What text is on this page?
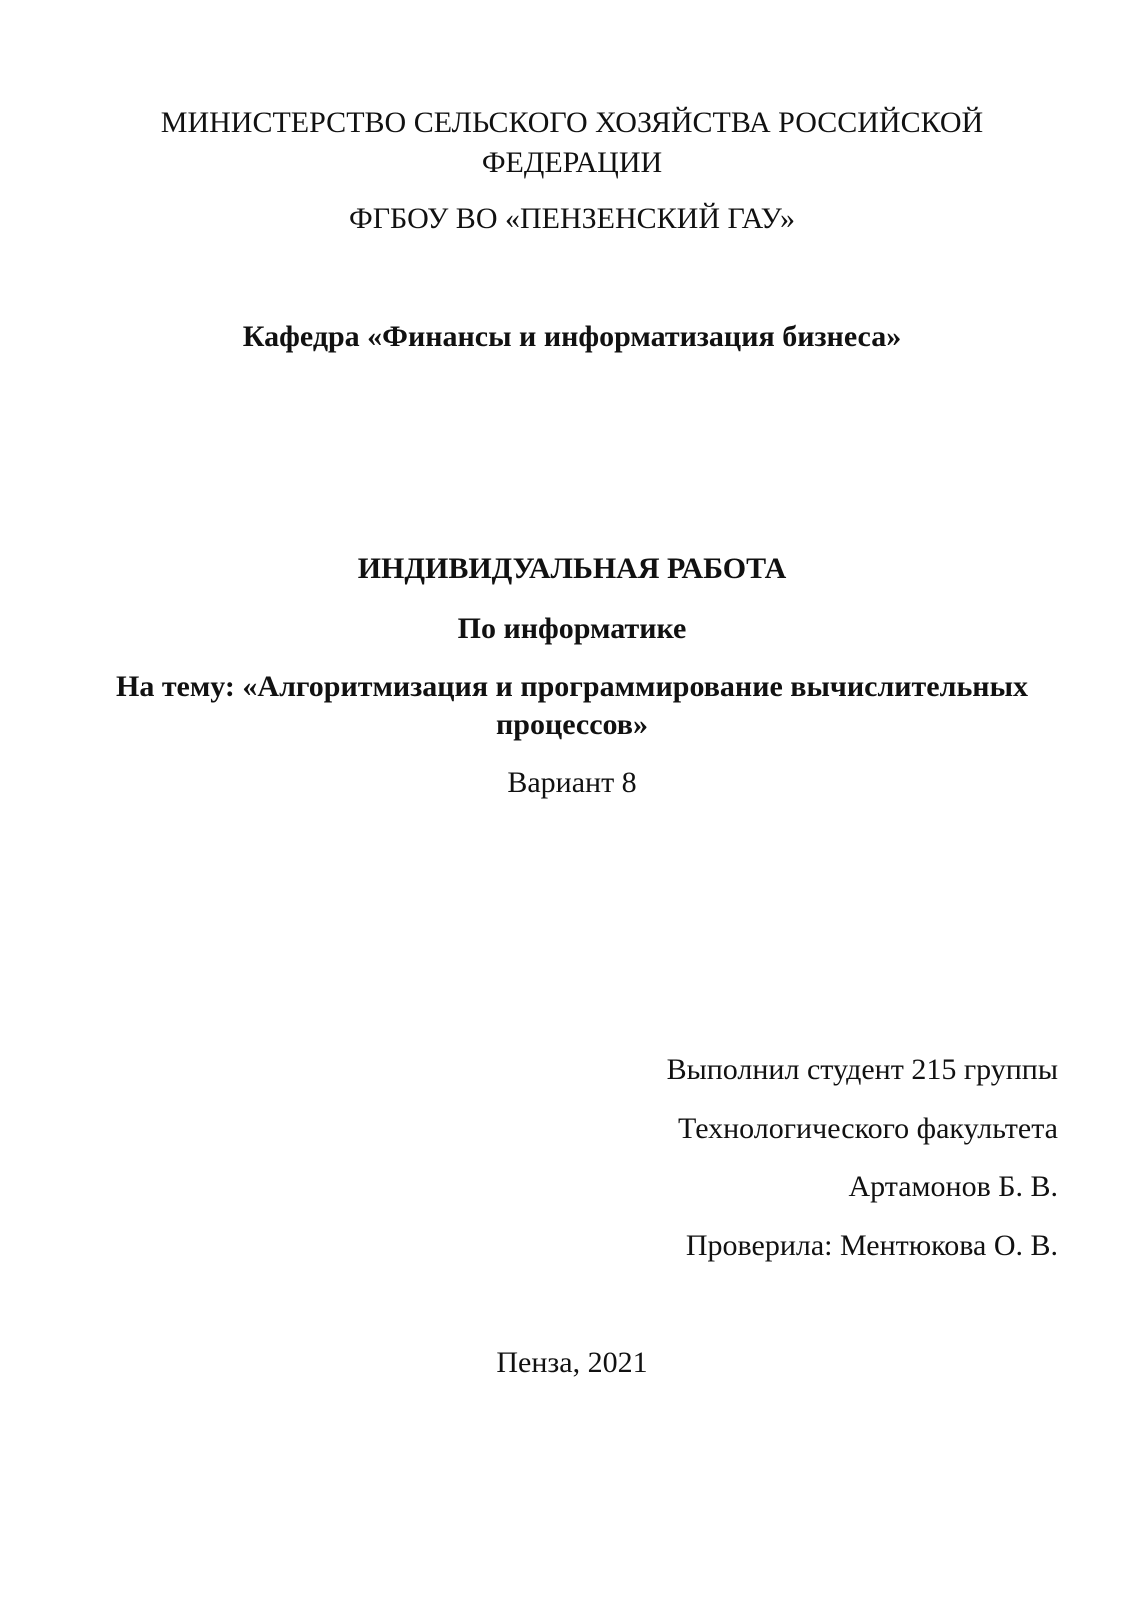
МИНИСТЕРСТВО СЕЛЬСКОГО ХОЗЯЙСТВА РОССИЙСКОЙ
ФЕДЕРАЦИИ
ФГБОУ ВО «ПЕНЗЕНСКИЙ ГАУ»
Кафедра «Финансы и информатизация бизнеса»
ИНДИВИДУАЛЬНАЯ РАБОТА
По информатике
На тему: «Алгоритмизация и программирование вычислительных
процессов»
Вариант 8
Выполнил студент 215 группы
Технологического факультета
Артамонов Б. В.
Проверила: Ментюкова О. В.
Пенза, 2021
